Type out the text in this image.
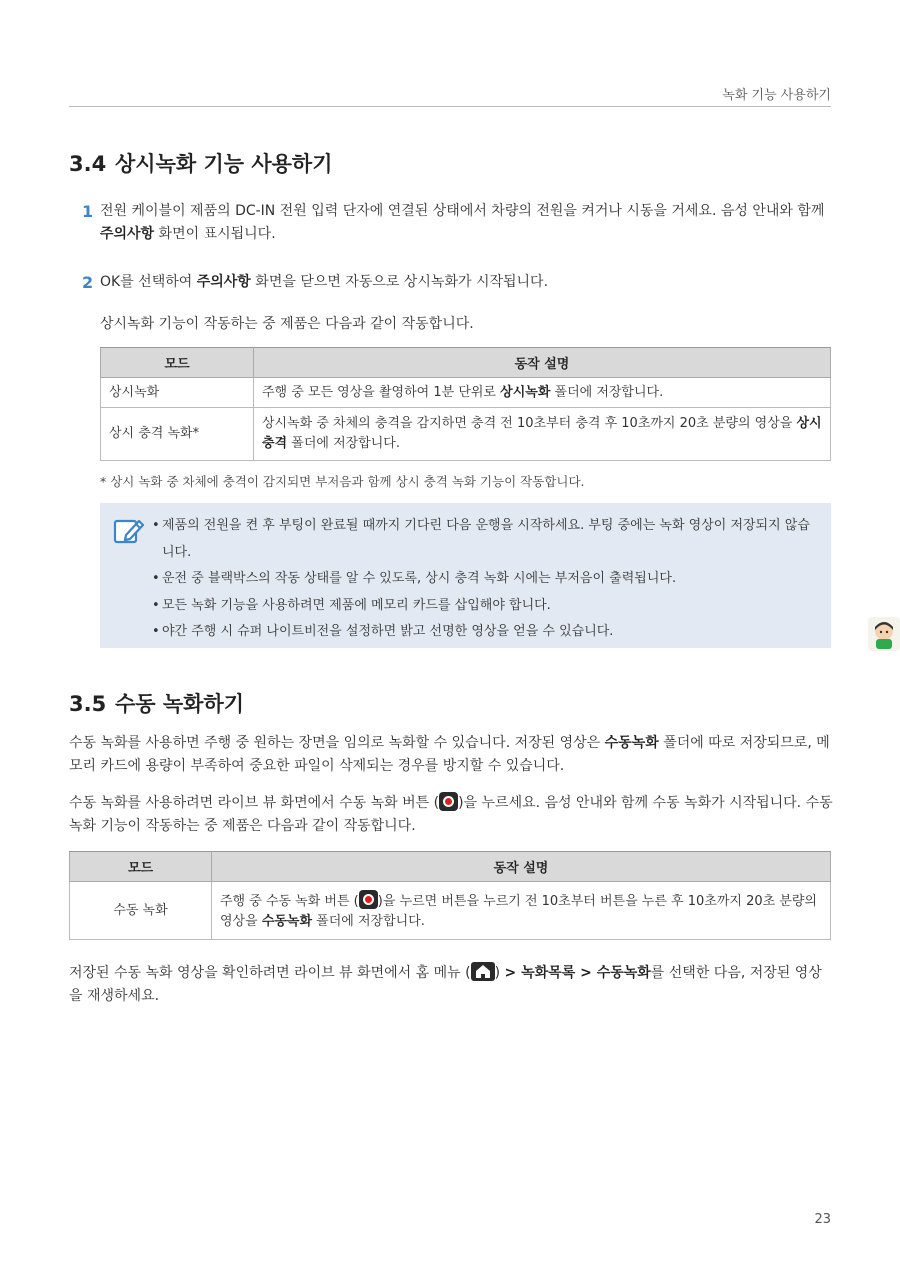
녹화 기능 사용하기
3.4 상시녹화 기능 사용하기
1 전원 케이블이 제품의 DC-IN 전원 입력 단자에 연결된 상태에서 차량의 전원을 켜거나 시동을 거세요. 음성 안내와 함께 주의사항 화면이 표시됩니다.
2 OK를 선택하여 주의사항 화면을 닫으면 자동으로 상시녹화가 시작됩니다.
상시녹화 기능이 작동하는 중 제품은 다음과 같이 작동합니다.
모드	동작 설명
상시녹화	주행 중 모든 영상을 촬영하여 1분 단위로 상시녹화 폴더에 저장합니다.
상시 충격 녹화*	상시녹화 중 차체의 충격을 감지하면 충격 전 10초부터 충격 후 10초까지 20초 분량의 영상을 상시충격 폴더에 저장합니다.
* 상시 녹화 중 차체에 충격이 감지되면 부저음과 함께 상시 충격 녹화 기능이 작동합니다.
• 제품의 전원을 켠 후 부팅이 완료될 때까지 기다린 다음 운행을 시작하세요. 부팅 중에는 녹화 영상이 저장되지 않습니다.
• 운전 중 블랙박스의 작동 상태를 알 수 있도록, 상시 충격 녹화 시에는 부저음이 출력됩니다.
• 모든 녹화 기능을 사용하려면 제품에 메모리 카드를 삽입해야 합니다.
• 야간 주행 시 슈퍼 나이트비전을 설정하면 밝고 선명한 영상을 얻을 수 있습니다.
3.5 수동 녹화하기
수동 녹화를 사용하면 주행 중 원하는 장면을 임의로 녹화할 수 있습니다. 저장된 영상은 수동녹화 폴더에 따로 저장되므로, 메모리 카드에 용량이 부족하여 중요한 파일이 삭제되는 경우를 방지할 수 있습니다.
수동 녹화를 사용하려면 라이브 뷰 화면에서 수동 녹화 버튼 ( )을 누르세요. 음성 안내와 함께 수동 녹화가 시작됩니다. 수동 녹화 기능이 작동하는 중 제품은 다음과 같이 작동합니다.
모드	동작 설명
수동 녹화	주행 중 수동 녹화 버튼 ( )을 누르면 버튼을 누르기 전 10초부터 버튼을 누른 후 10초까지 20초 분량의 영상을 수동녹화 폴더에 저장합니다.
저장된 수동 녹화 영상을 확인하려면 라이브 뷰 화면에서 홈 메뉴 ( ) > 녹화목록 > 수동녹화를 선택한 다음, 저장된 영상을 재생하세요.
23
